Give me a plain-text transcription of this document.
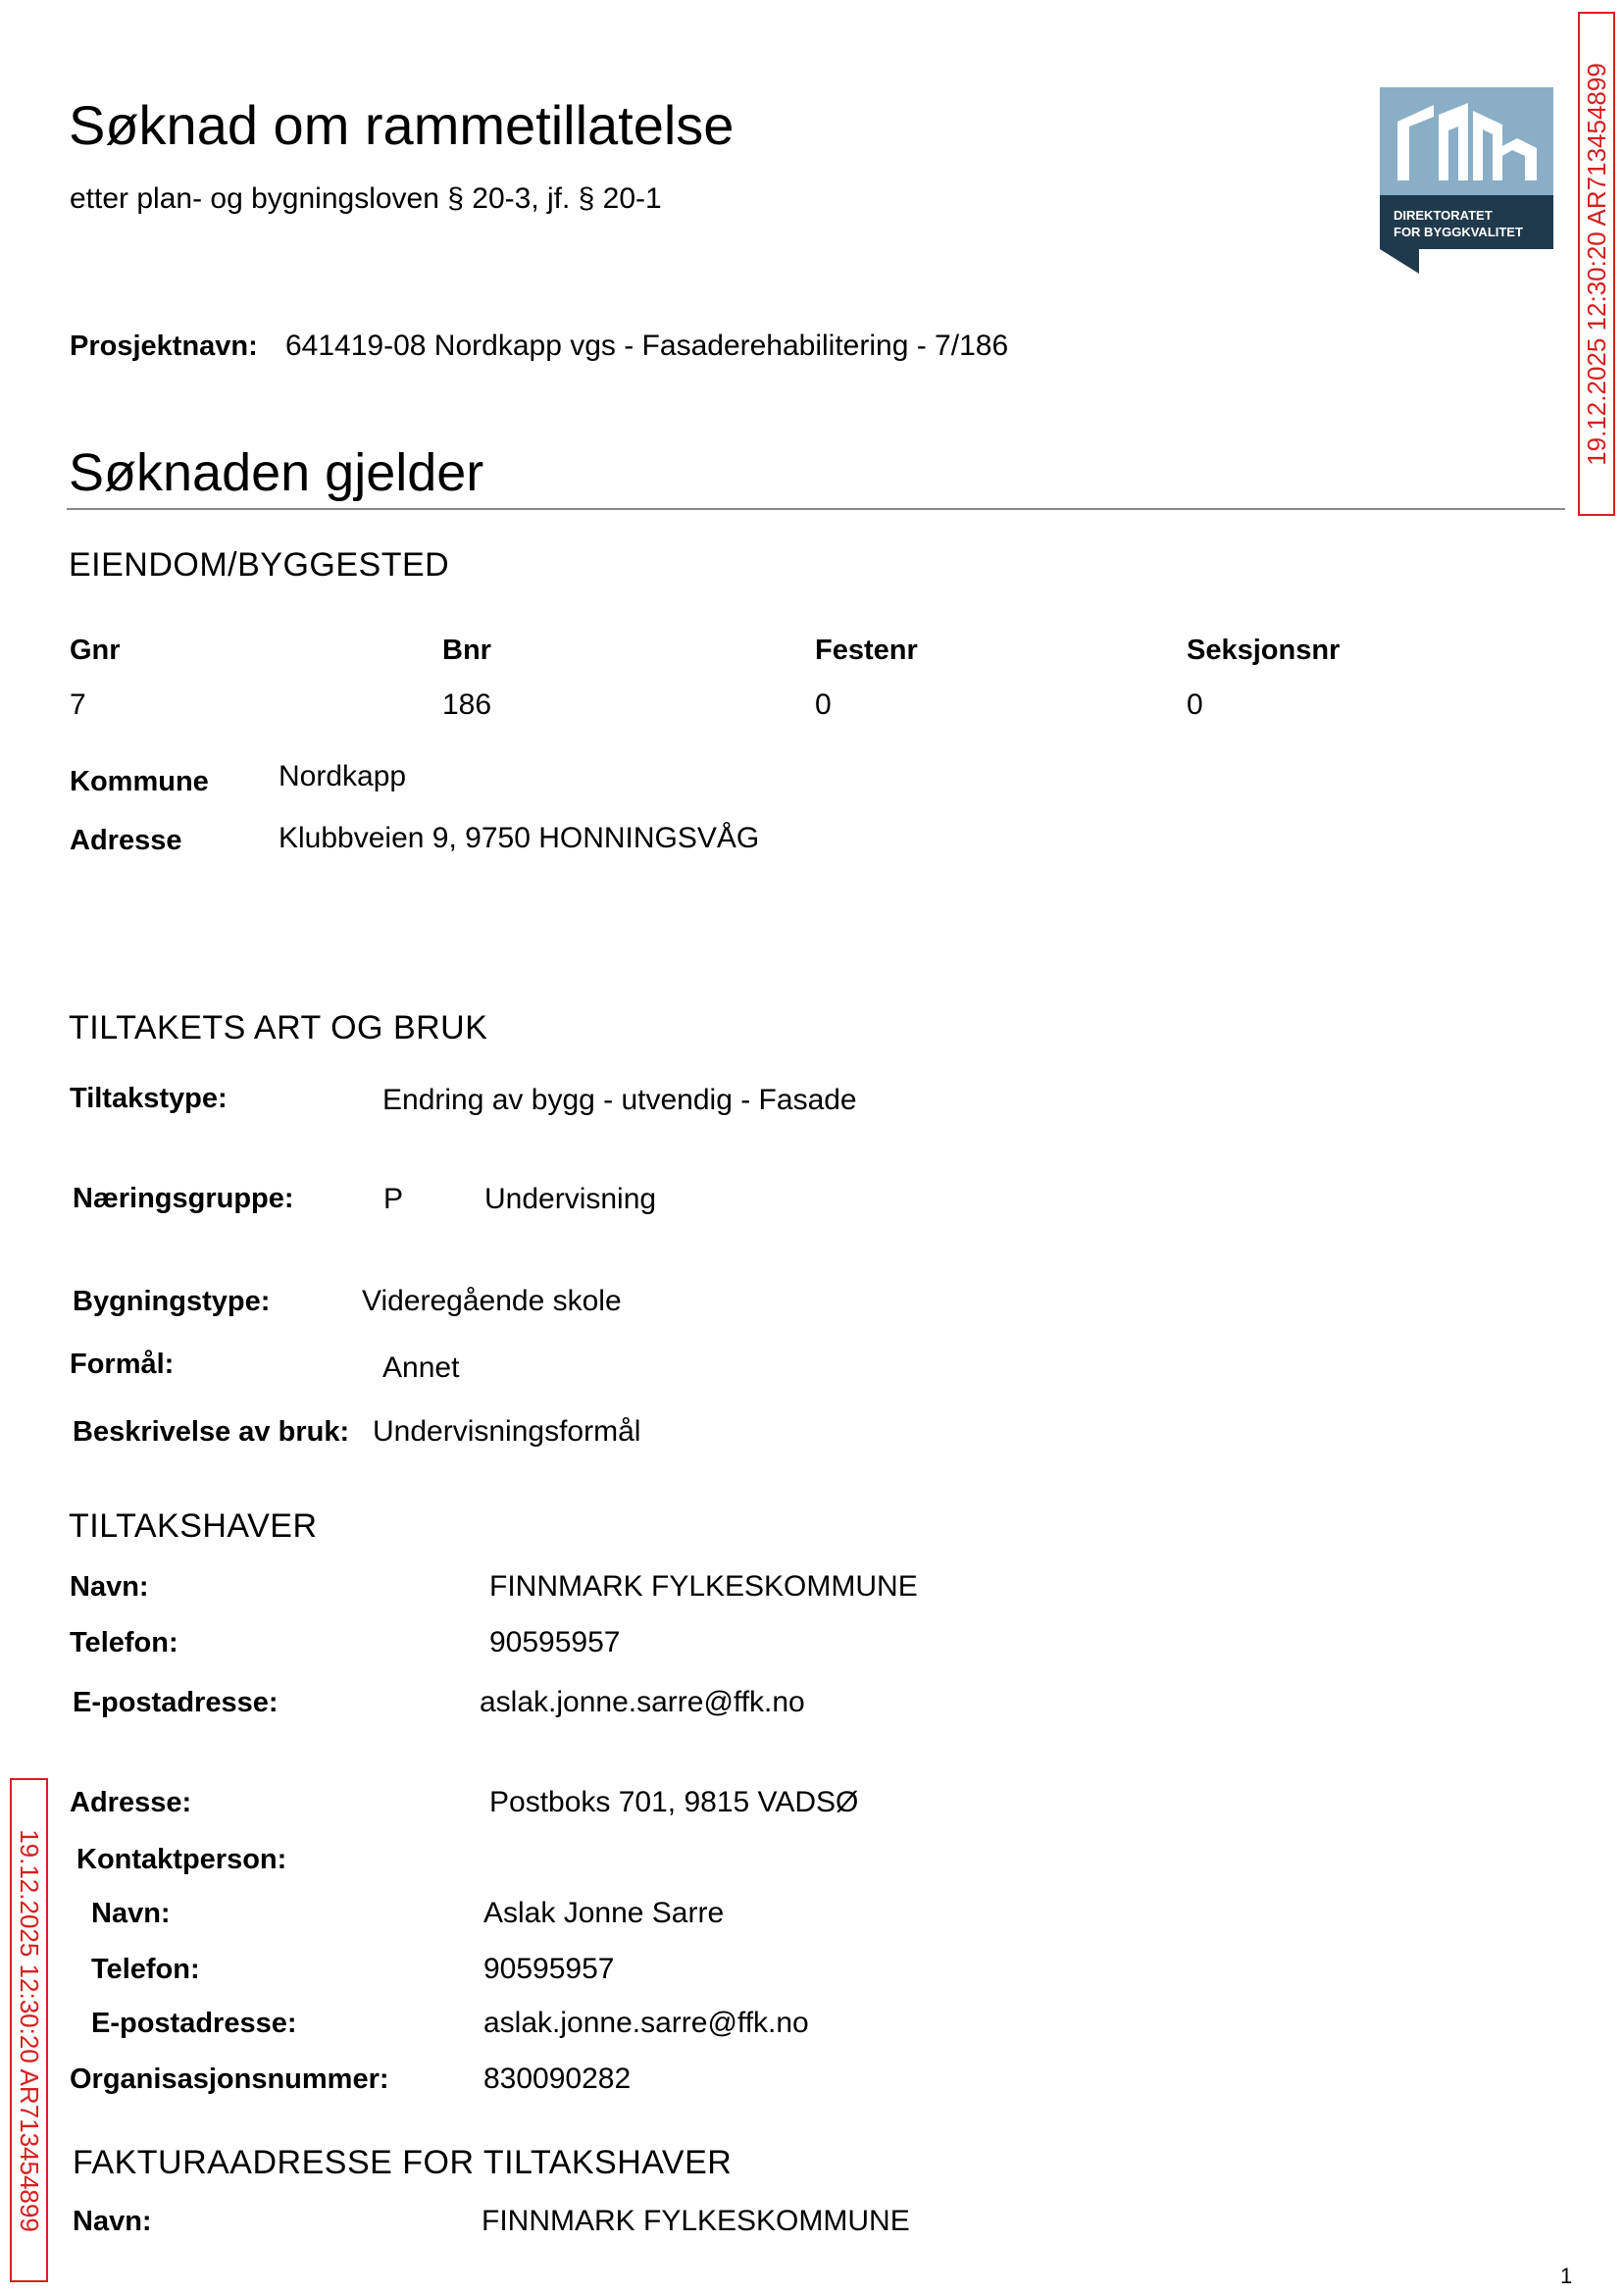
Søknad om rammetillatelse
etter plan- og bygningsloven § 20-3, jf. § 20-1
DIREKTORATET
FOR BYGGKVALITET
Prosjektnavn: 641419-08 Nordkapp vgs - Fasaderehabilitering - 7/186
Søknaden gjelder
EIENDOM/BYGGESTED
Gnr	Bnr	Festenr	Seksjonsnr
7	186	0	0
Kommune Nordkapp
Adresse	Klubbveien 9, 9750 HONNINGSVÅG
TILTAKETS ART OG BRUK
Tiltakstype:	Endring av bygg - utvendig - Fasade
Næringsgruppe:	P	Undervisning
Bygningstype:	Videregående skole
Formål:	Annet
Beskrivelse av bruk: Undervisningsformål
TILTAKSHAVER
Navn:	FINNMARK FYLKESKOMMUNE
Telefon:	90595957
E-postadresse:	aslak.jonne.sarre@ffk.no
Adresse:	Postboks 701, 9815 VADSØ
Kontaktperson:
Navn:	Aslak Jonne Sarre
Telefon:	90595957
E-postadresse:	aslak.jonne.sarre@ffk.no
Organisasjonsnummer:	830090282
FAKTURAADRESSE FOR TILTAKSHAVER
Navn:	FINNMARK FYLKESKOMMUNE
19.12.2025 12:30:20 AR713454899
19.12.2025 12:30:20 AR713454899
1
